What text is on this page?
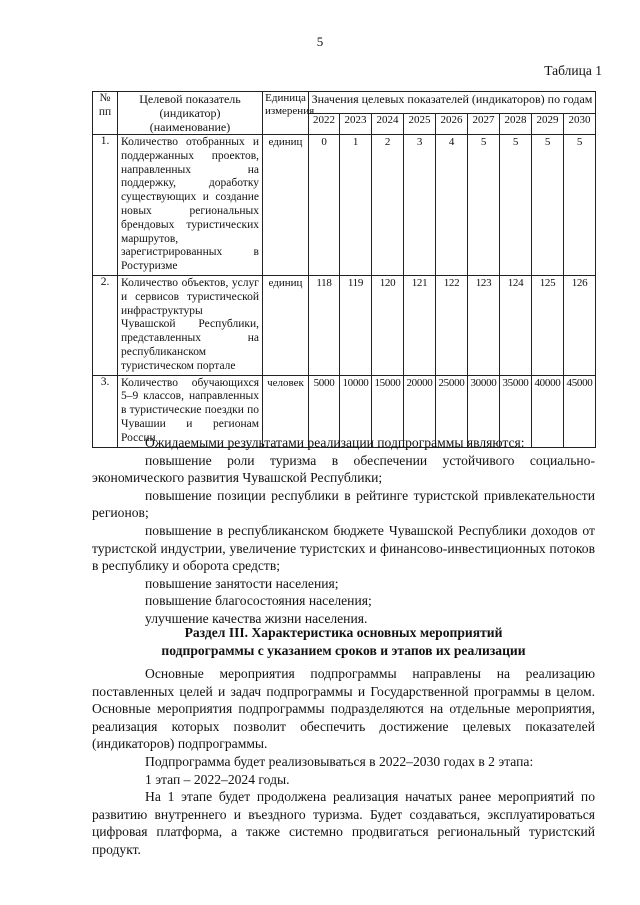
5
Таблица 1
№ пп	Целевой показатель (индикатор) (наименование)	Единица измерения	Значения целевых показателей (индикаторов) по годам								
			2022	2023	2024	2025	2026	2027	2028	2029	2030
1.	Количество отобранных и поддержанных проектов, направленных на поддержку, доработку существующих и создание новых региональных брендовых туристических маршрутов, зарегистрированных в Ростуризме	единиц	0	1	2	3	4	5	5	5	5
2.	Количество объектов, услуг и сервисов туристической инфраструктуры Чувашской Республики, представленных на республиканском туристическом портале	единиц	118	119	120	121	122	123	124	125	126
3.	Количество обучающихся 5–9 классов, направленных в туристические поездки по Чувашии и регионам России	человек	5000	10000	15000	20000	25000	30000	35000	40000	45000

Ожидаемыми результатами реализации подпрограммы являются:

повышение роли туризма в обеспечении устойчивого социально-экономического развития Чувашской Республики;

повышение позиции республики в рейтинге туристской привлекательности регионов;

повышение в республиканском бюджете Чувашской Республики доходов от туристской индустрии, увеличение туристских и финансово-инвестиционных потоков в республику и оборота средств;

повышение занятости населения;

повышение благосостояния населения;

улучшение качества жизни населения.

Раздел III. Характеристика основных мероприятий
подпрограммы с указанием сроков и этапов их реализации

Основные мероприятия подпрограммы направлены на реализацию поставленных целей и задач подпрограммы и Государственной программы в целом. Основные мероприятия подпрограммы подразделяются на отдельные мероприятия, реализация которых позволит обеспечить достижение целевых показателей (индикаторов) подпрограммы.

Подпрограмма будет реализовываться в 2022–2030 годах в 2 этапа:

1 этап – 2022–2024 годы.

На 1 этапе будет продолжена реализация начатых ранее мероприятий по развитию внутреннего и въездного туризма. Будет создаваться, эксплуатироваться цифровая платформа, а также системно продвигаться региональный туристский продукт.
